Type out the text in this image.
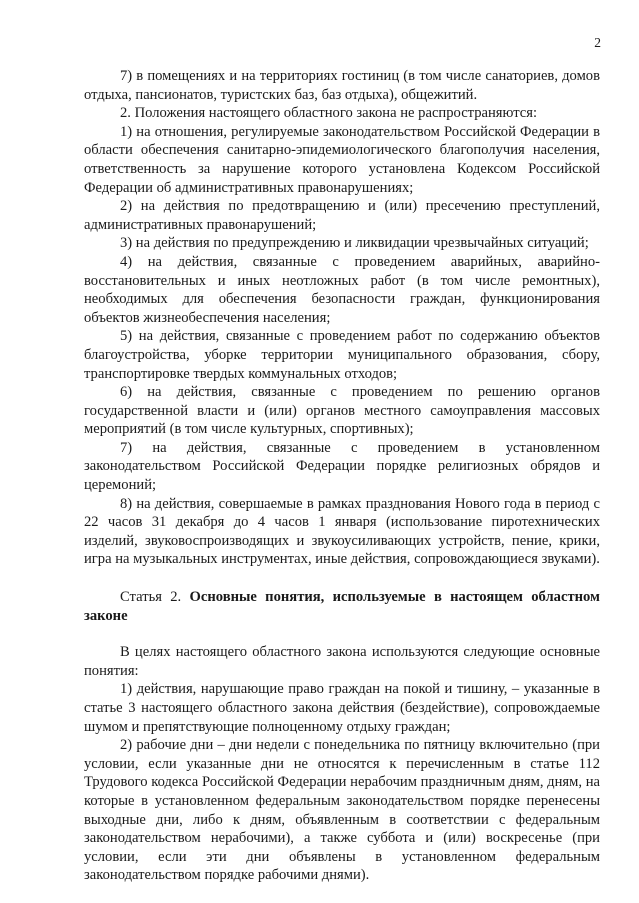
2

7) в помещениях и на территориях гостиниц (в том числе санаториев, домов отдыха, пансионатов, туристских баз, баз отдыха), общежитий.

2. Положения настоящего областного закона не распространяются:

1) на отношения, регулируемые законодательством Российской Федерации в области обеспечения санитарно-эпидемиологического благополучия населения, ответственность за нарушение которого установлена Кодексом Российской Федерации об административных правонарушениях;

2) на действия по предотвращению и (или) пресечению преступлений, административных правонарушений;

3) на действия по предупреждению и ликвидации чрезвычайных ситуаций;

4) на действия, связанные с проведением аварийных, аварийно-восстановительных и иных неотложных работ (в том числе ремонтных), необходимых для обеспечения безопасности граждан, функционирования объектов жизнеобеспечения населения;

5) на действия, связанные с проведением работ по содержанию объектов благоустройства, уборке территории муниципального образования, сбору, транспортировке твердых коммунальных отходов;

6) на действия, связанные с проведением по решению органов государственной власти и (или) органов местного самоуправления массовых мероприятий (в том числе культурных, спортивных);

7) на действия, связанные с проведением в установленном законодательством Российской Федерации порядке религиозных обрядов и церемоний;

8) на действия, совершаемые в рамках празднования Нового года в период с 22 часов 31 декабря до 4 часов 1 января (использование пиротехнических изделий, звуковоспроизводящих и звукоусиливающих устройств, пение, крики, игра на музыкальных инструментах, иные действия, сопровождающиеся звуками).

Статья 2. Основные понятия, используемые в настоящем областном законе

В целях настоящего областного закона используются следующие основные понятия:

1) действия, нарушающие право граждан на покой и тишину, – указанные в статье 3 настоящего областного закона действия (бездействие), сопровождаемые шумом и препятствующие полноценному отдыху граждан;

2) рабочие дни – дни недели с понедельника по пятницу включительно (при условии, если указанные дни не относятся к перечисленным в статье 112 Трудового кодекса Российской Федерации нерабочим праздничным дням, дням, на которые в установленном федеральным законодательством порядке перенесены выходные дни, либо к дням, объявленным в соответствии с федеральным законодательством нерабочими), а также суббота и (или) воскресенье (при условии, если эти дни объявлены в установленном федеральным законодательством порядке рабочими днями).
